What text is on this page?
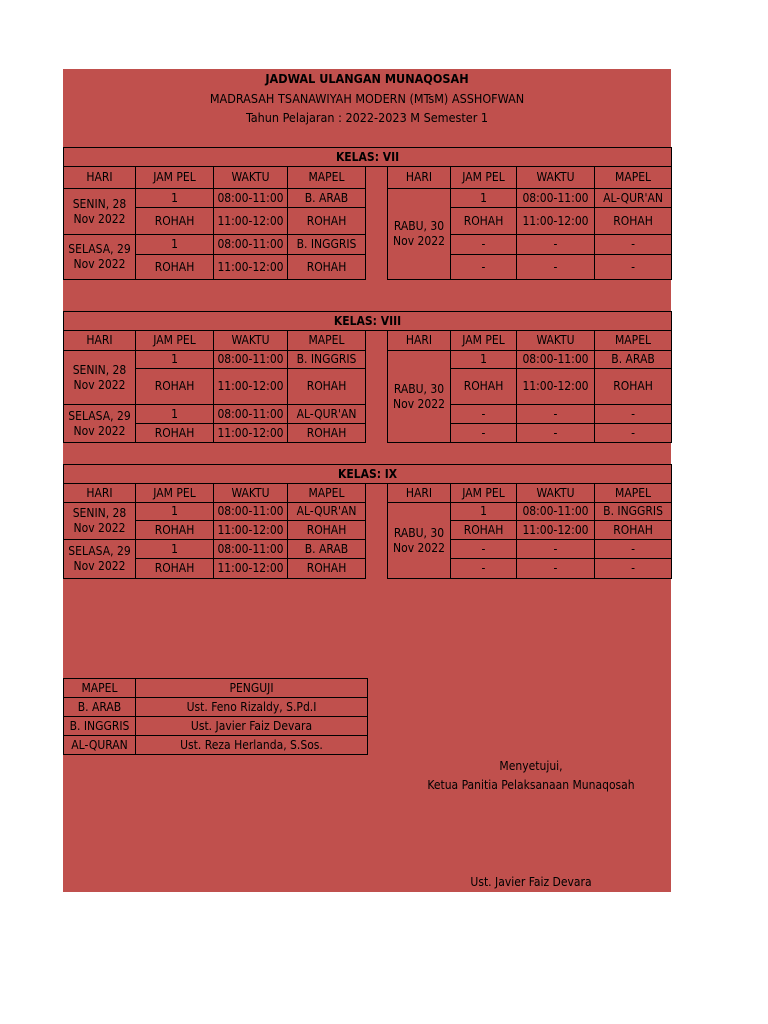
JADWAL ULANGAN MUNAQOSAH
MADRASAH TSANAWIYAH MODERN (MTsM) ASSHOFWAN
Tahun Pelajaran : 2022-2023 M Semester 1
KELAS: VII								
HARI	JAM PEL	WAKTU	MAPEL		HARI	JAM PEL	WAKTU	MAPEL
SENIN, 28 Nov 2022	1	08:00-11:00	B. ARAB		RABU, 30 Nov 2022	1	08:00-11:00	AL-QUR'AN
	ROHAH	11:00-12:00	ROHAH			ROHAH	11:00-12:00	ROHAH
SELASA, 29 Nov 2022	1	08:00-11:00	B. INGGRIS			-	-	-
	ROHAH	11:00-12:00	ROHAH			-	-	-
KELAS: VIII								
HARI	JAM PEL	WAKTU	MAPEL		HARI	JAM PEL	WAKTU	MAPEL
SENIN, 28 Nov 2022	1	08:00-11:00	B. INGGRIS		RABU, 30 Nov 2022	1	08:00-11:00	B. ARAB
	ROHAH	11:00-12:00	ROHAH			ROHAH	11:00-12:00	ROHAH
SELASA, 29 Nov 2022	1	08:00-11:00	AL-QUR'AN			-	-	-
	ROHAH	11:00-12:00	ROHAH			-	-	-
KELAS: IX								
HARI	JAM PEL	WAKTU	MAPEL		HARI	JAM PEL	WAKTU	MAPEL
SENIN, 28 Nov 2022	1	08:00-11:00	AL-QUR'AN		RABU, 30 Nov 2022	1	08:00-11:00	B. INGGRIS
	ROHAH	11:00-12:00	ROHAH			ROHAH	11:00-12:00	ROHAH
SELASA, 29 Nov 2022	1	08:00-11:00	B. ARAB			-	-	-
	ROHAH	11:00-12:00	ROHAH			-	-	-
MAPEL	PENGUJI
B. ARAB	Ust. Feno Rizaldy, S.Pd.I
B. INGGRIS	Ust. Javier Faiz Devara
AL-QURAN	Ust. Reza Herlanda, S.Sos.
Menyetujui,
Ketua Panitia Pelaksanaan Munaqosah
Ust. Javier Faiz Devara
